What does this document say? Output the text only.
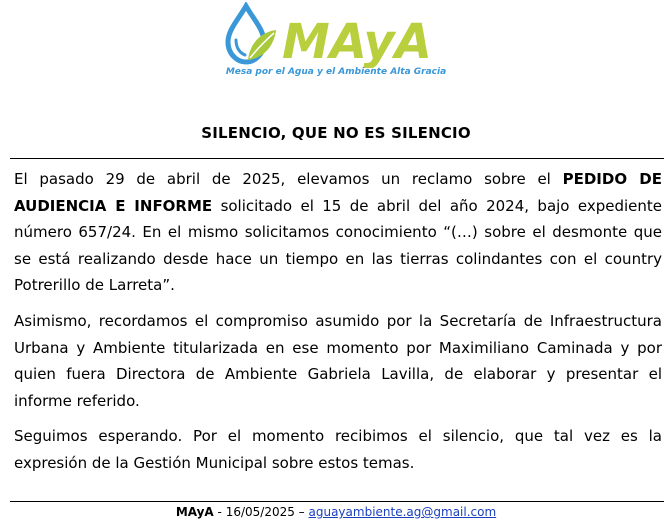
MAyA
Mesa por el Agua y el Ambiente Alta Gracia
SILENCIO, QUE NO ES SILENCIO

El pasado 29 de abril de 2025, elevamos un reclamo sobre el PEDIDO DE AUDIENCIA E INFORME solicitado el 15 de abril del año 2024, bajo expediente número 657/24. En el mismo solicitamos conocimiento “(…) sobre el desmonte que se está realizando desde hace un tiempo en las tierras colindantes con el country Potrerillo de Larreta”.

Asimismo, recordamos el compromiso asumido por la Secretaría de Infraestructura Urbana y Ambiente titularizada en ese momento por Maximiliano Caminada y por quien fuera Directora de Ambiente Gabriela Lavilla, de elaborar y presentar el informe referido.

Seguimos esperando. Por el momento recibimos el silencio, que tal vez es la expresión de la Gestión Municipal sobre estos temas.

MAyA - 16/05/2025 – aguayambiente.ag@gmail.com
